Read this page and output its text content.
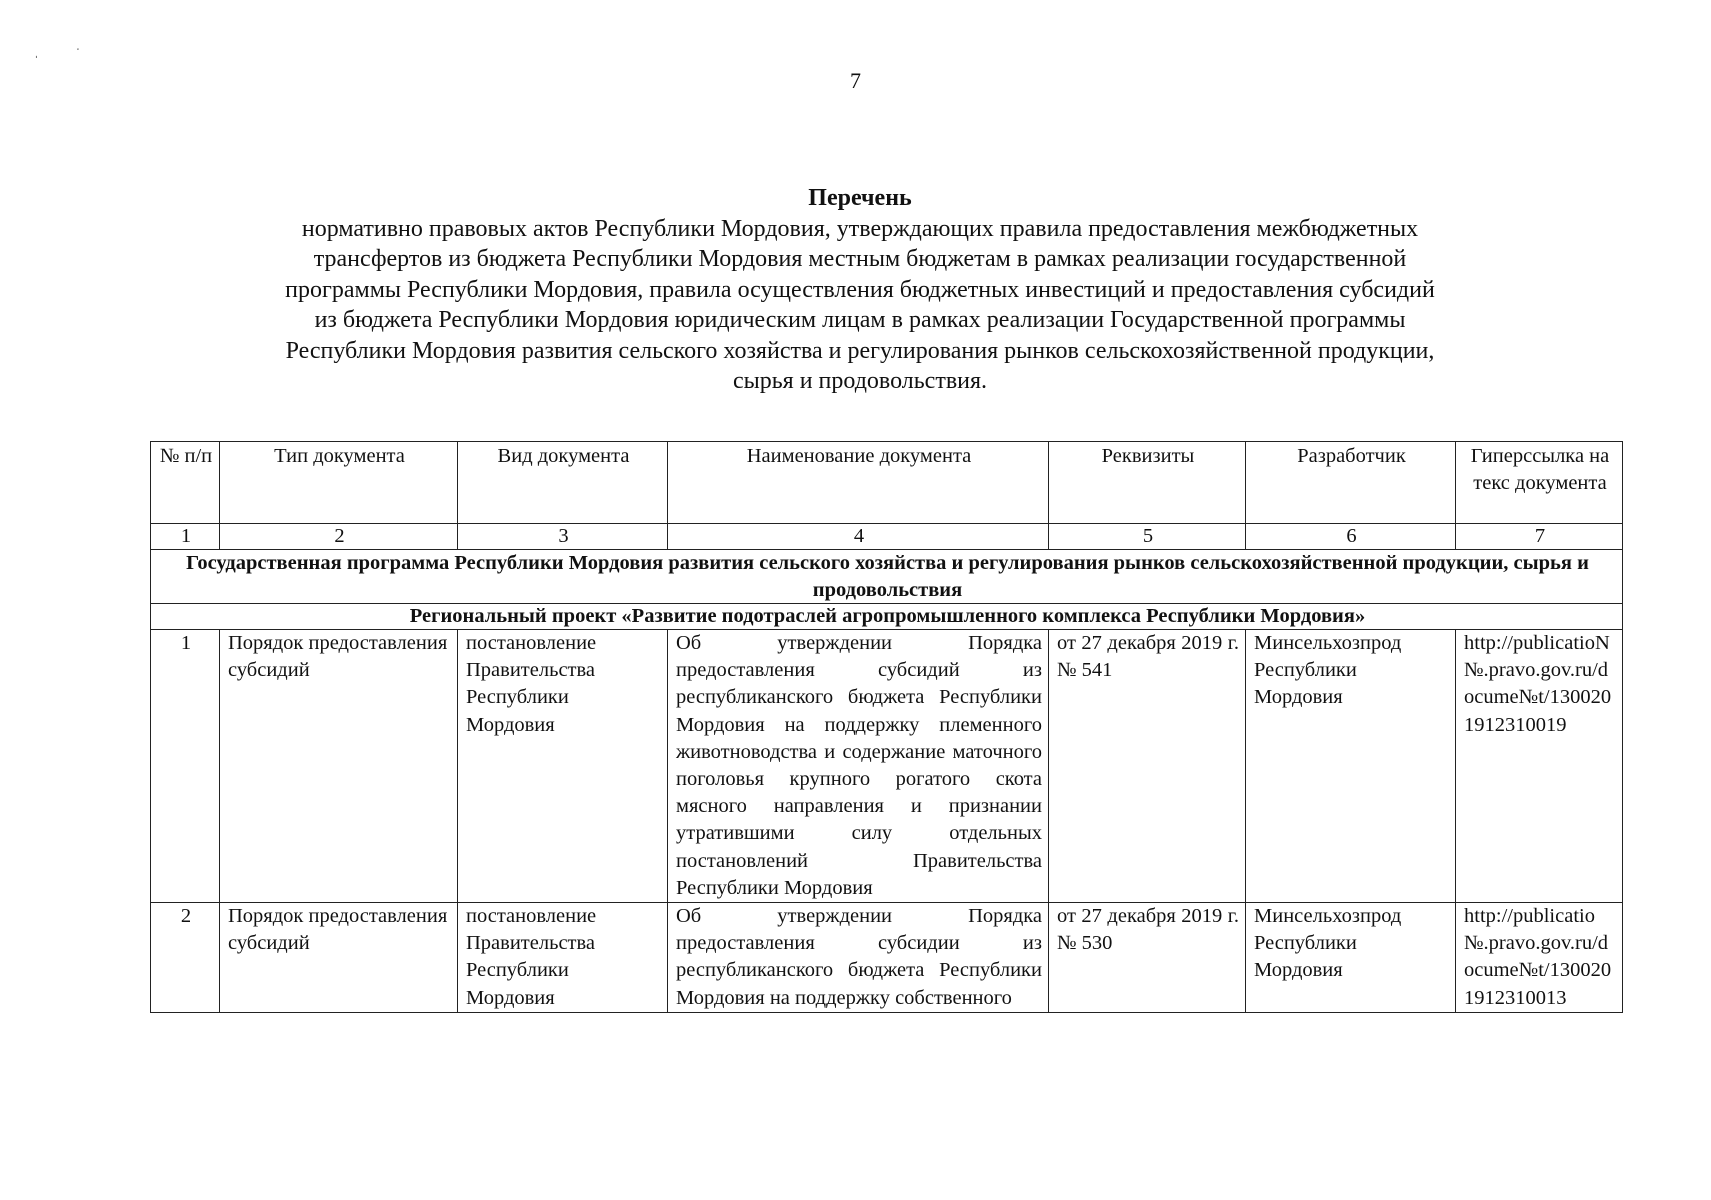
ˌ	ˑ
7
Перечень
нормативно правовых актов Республики Мордовия, утверждающих правила предоставления межбюджетных
трансфертов из бюджета Республики Мордовия местным бюджетам в рамках реализации государственной
программы Республики Мордовия, правила осуществления бюджетных инвестиций и предоставления субсидий
из бюджета Республики Мордовия юридическим лицам в рамках реализации Государственной программы
Республики Мордовия развития сельского хозяйства и регулирования рынков сельскохозяйственной продукции,
сырья и продовольствия.
№ п/п	Тип документа	Вид документа	Наименование документа	Реквизиты	Разработчик	Гиперссылка на текс документа
1	2	3	4	5	6	7
Государственная программа Республики Мордовия развития сельского хозяйства и регулирования рынков сельскохозяйственной продукции, сырья и продовольствия						
Региональный проект «Развитие подотраслей агропромышленного комплекса Республики Мордовия»						
1	Порядок предоставления субсидий	постановление Правительства Республики Мордовия	Об утверждении Порядка предоставления субсидий из республиканского бюджета Республики Мордовия на поддержку племенного животноводства и содержание маточного поголовья крупного рогатого скота мясного направления и признании утратившими силу отдельных постановлений Правительства Республики Мордовия	от 27 декабря 2019 г. № 541	Минсельхозпрод Республики Мордовия	http://publicatioN№.pravo.gov.ru/docume№t/1300201912310019
2	Порядок предоставления субсидий	постановление Правительства Республики Мордовия	Об утверждении Порядка предоставления субсидии из республиканского бюджета Республики Мордовия на поддержку собственного	от 27 декабря 2019 г. № 530	Минсельхозпрод Республики Мордовия	http://publicatio№.pravo.gov.ru/docume№t/1300201912310013
